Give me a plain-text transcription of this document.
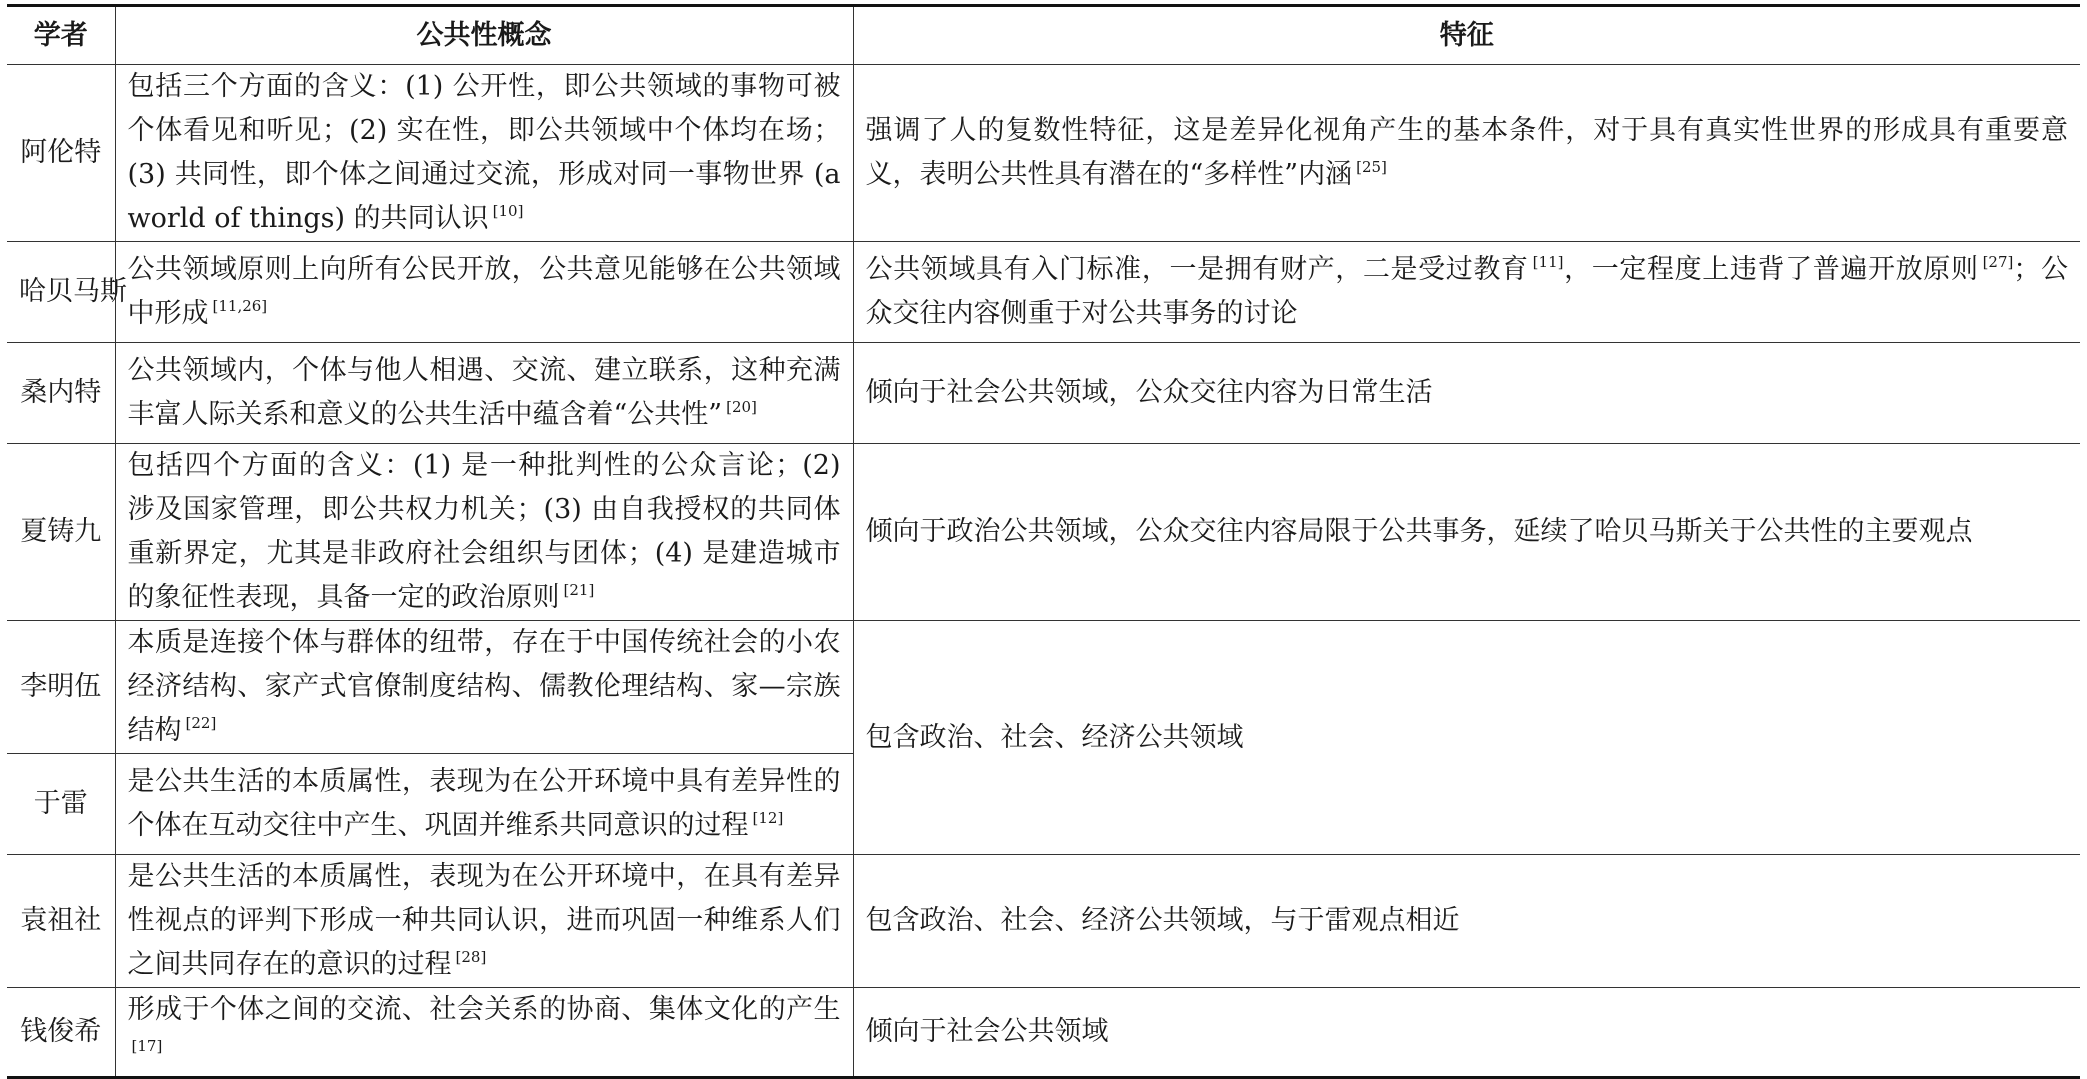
学者	公共性概念	特征
阿伦特	包括三个方面的含义：(1) 公开性，即公共领域的事物可被个体看见和听见；(2) 实在性，即公共领域中个体均在场；(3) 共同性，即个体之间通过交流，形成对同一事物世界 (a world of things) 的共同认识 [10]	强调了人的复数性特征，这是差异化视角产生的基本条件，对于具有真实性世界的形成具有重要意义，表明公共性具有潜在的“多样性”内涵 [25]
哈贝马斯	公共领域原则上向所有公民开放，公共意见能够在公共领域中形成 [11,26]	公共领域具有入门标准，一是拥有财产，二是受过教育 [11]，一定程度上违背了普遍开放原则 [27]；公众交往内容侧重于对公共事务的讨论
桑内特	公共领域内，个体与他人相遇、交流、建立联系，这种充满丰富人际关系和意义的公共生活中蕴含着“公共性” [20]	倾向于社会公共领域，公众交往内容为日常生活
夏铸九	包括四个方面的含义：(1) 是一种批判性的公众言论；(2) 涉及国家管理，即公共权力机关；(3) 由自我授权的共同体重新界定，尤其是非政府社会组织与团体；(4) 是建造城市的象征性表现，具备一定的政治原则 [21]	倾向于政治公共领域，公众交往内容局限于公共事务，延续了哈贝马斯关于公共性的主要观点
李明伍	本质是连接个体与群体的纽带，存在于中国传统社会的小农经济结构、家产式官僚制度结构、儒教伦理结构、家—宗族结构 [22]	包含政治、社会、经济公共领域
于雷	是公共生活的本质属性，表现为在公开环境中具有差异性的个体在互动交往中产生、巩固并维系共同意识的过程 [12]
袁祖社	是公共生活的本质属性，表现为在公开环境中，在具有差异性视点的评判下形成一种共同认识，进而巩固一种维系人们之间共同存在的意识的过程 [28]	包含政治、社会、经济公共领域，与于雷观点相近
钱俊希	形成于个体之间的交流、社会关系的协商、集体文化的产生[17]	倾向于社会公共领域
